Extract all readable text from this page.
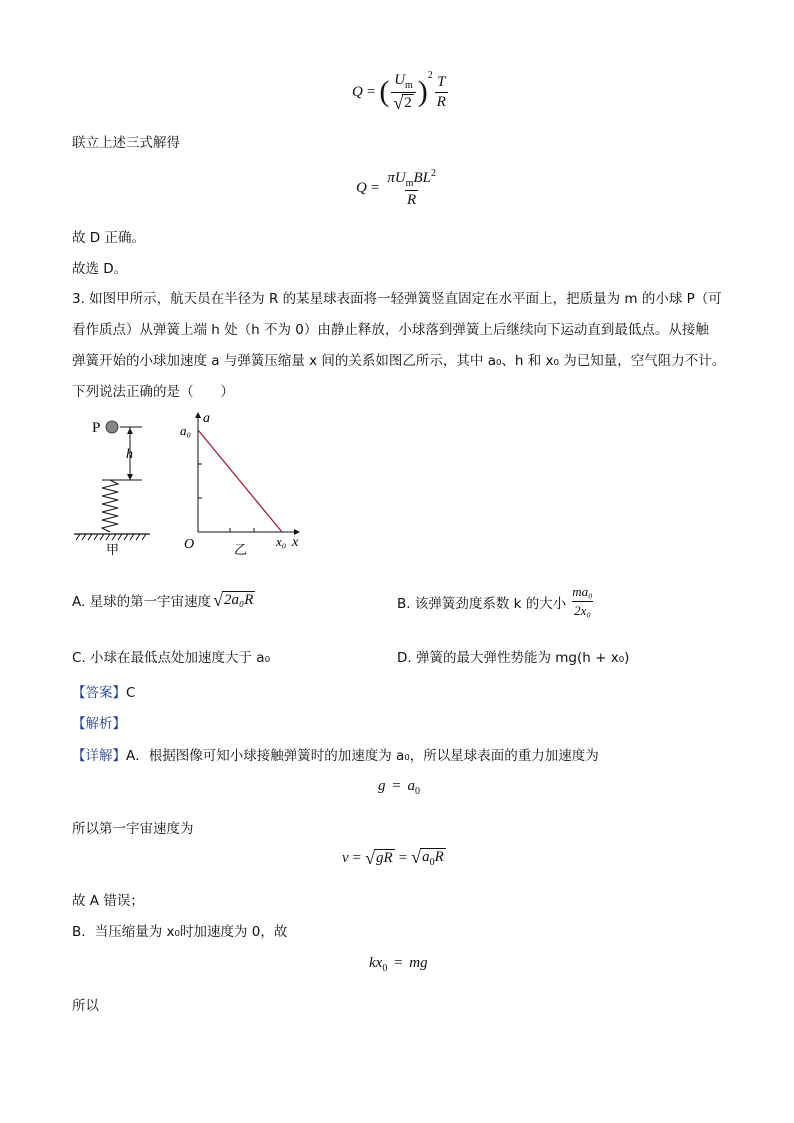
Q = ( $\frac{U_m}{√ 2} )^2 \frac{T}{R}$
联立上述三式解得
$Q = \frac{\pi U_mBL^2}{R}$
故 D 正确。
故选 D。
3. 如图甲所示，航天员在半径为 R 的某星球表面将一轻弹簧竖直固定在水平面上，把质量为 m 的小球 P（可
看作质点）从弹簧上端 h 处（h 不为 0）由静止释放，小球落到弹簧上后继续向下运动直到最低点。从接触
弹簧开始的小球加速度 a 与弹簧压缩量 x 间的关系如图乙所示，其中 a₀、h 和 x₀ 为已知量，空气阻力不计。
下列说法正确的是（　　）
P
h
甲
a
a₀
O	乙
x₀ x
A. 星球的第一宇宙速度 √ 2a₀R	B. 该弹簧劲度系数 k 的大小 $\frac{\text{ma₀}}{\text{2x₀}}$
C. 小球在最低点处加速度大于 a₀	D. 弹簧的最大弹性势能为 mg(h + x₀)
【答案】C
【解析】
【详解】A．根据图像可知小球接触弹簧时的加速度为 a₀，所以星球表面的重力加速度为
$g = a_0$
所以第一宇宙速度为
v = √ gR = √ $a_0R$
故 A 错误；
B．当压缩量为 x₀时加速度为 0，故
$kx_0$ = mg
所以
